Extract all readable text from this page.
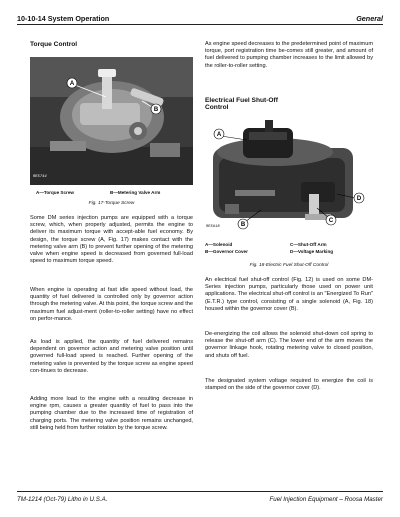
10-10-14 System Operation	General
Torque Control
A
B
RE5744
A—Torque Screw	B—Metering Valve Arm
Fig. 17-Torque Screw

Some DM series injection pumps are equipped with a torque screw, which, when properly adjusted, permits the engine to deliver its maximum torque with accept-able fuel economy. By design, the torque screw (A, Fig. 17) makes contact with the metering valve arm (B) to prevent further opening of the metering valve when engine speed is decreased from governed full-load speed to maximum torque speed.

When engine is operating at fast idle speed without load, the quantity of fuel delivered is controlled only by governor action through the metering valve. At this point, the torque screw and the maximum fuel adjust-ment (roller-to-roller setting) have no effect on perfor-mance.

As load is applied, the quantity of fuel delivered remains dependent on governor action and metering valve position until governed full-load speed is reached. Further opening of the metering valve is prevented by the torque screw as engine speed con-tinues to decrease.

Adding more load to the engine with a resulting decrease in engine rpm, causes a greater quantity of fuel to pass into the pumping chamber due to the increased time of registration of charging ports. The metering valve position remains unchanged, still being held from further rotation by the torque screw.

As engine speed decreases to the predetermined point of maximum torque, port registration time be-comes still greater, and amount of fuel delivered to pumping chamber increases to the limit allowed by the roller-to-roller setting.

Electrical Fuel Shut-Off
Control
A
B
C
D
RE5918
A—Solenoid
B—Governor Cover
C—Shut-Off Arm
D—Voltage Marking
Fig. 18-Electric Fuel Shut-Off Control

An electrical fuel shut-off control (Fig. 12) is used on some DM-Series injection pumps, particularly those used on power unit applications. The electrical shut-off control is an "Energized To Run" (E.T.R.) type control, consisting of a single solenoid (A, Fig. 18) housed within the governor cover (B).

De-energizing the coil allows the solenoid shut-down coil spring to release the shut-off arm (C). The lower end of the arm moves the governor linkage hook, rotating metering valve to closed position, and shuts off fuel.

The designated system voltage required to energize the coil is stamped on the side of the governor cover (D).

TM-1214 (Oct-79) Litho in U.S.A.	Fuel Injection Equipment – Roosa Master
